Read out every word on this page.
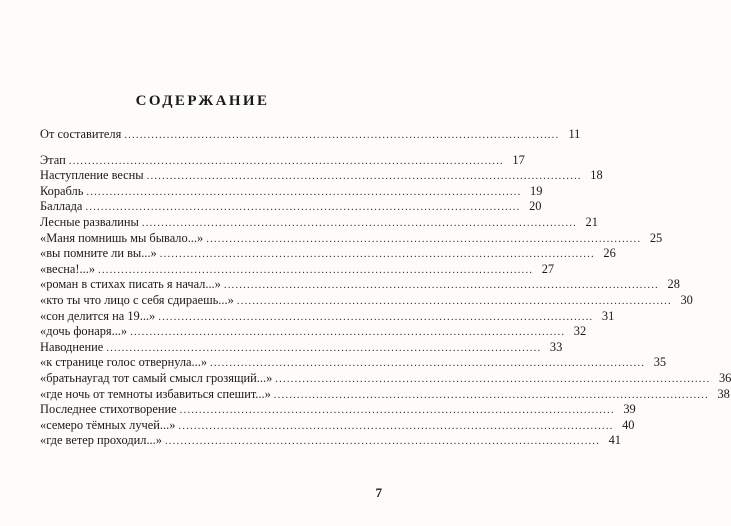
СОДЕРЖАНИЕ
От составителя ................................................................................................................. 11
Этап ................................................................................................................. 17
Наступление весны ................................................................................................................. 18
Корабль ................................................................................................................. 19
Баллада ................................................................................................................. 20
Лесные развалины ................................................................................................................. 21
«Маня помнишь мы бывало...» ................................................................................................................. 25
«вы помните ли вы...» ................................................................................................................. 26
«весна!...» ................................................................................................................. 27
«роман в стихах писать я начал...» ................................................................................................................. 28
«кто ты что лицо с себя сдираешь...» ................................................................................................................. 30
«сон делится на 19...» ................................................................................................................. 31
«дочь фонаря...» ................................................................................................................. 32
Наводнение ................................................................................................................. 33
«к странице голос отвернула...» ................................................................................................................. 35
«братьнаугад тот самый смысл грозящий...» ................................................................................................................. 36
«где ночь от темноты избавиться спешит...» ................................................................................................................. 38
Последнее стихотворение ................................................................................................................. 39
«семеро тёмных лучей...» ................................................................................................................. 40
«где ветер проходил...» ................................................................................................................. 41
7
